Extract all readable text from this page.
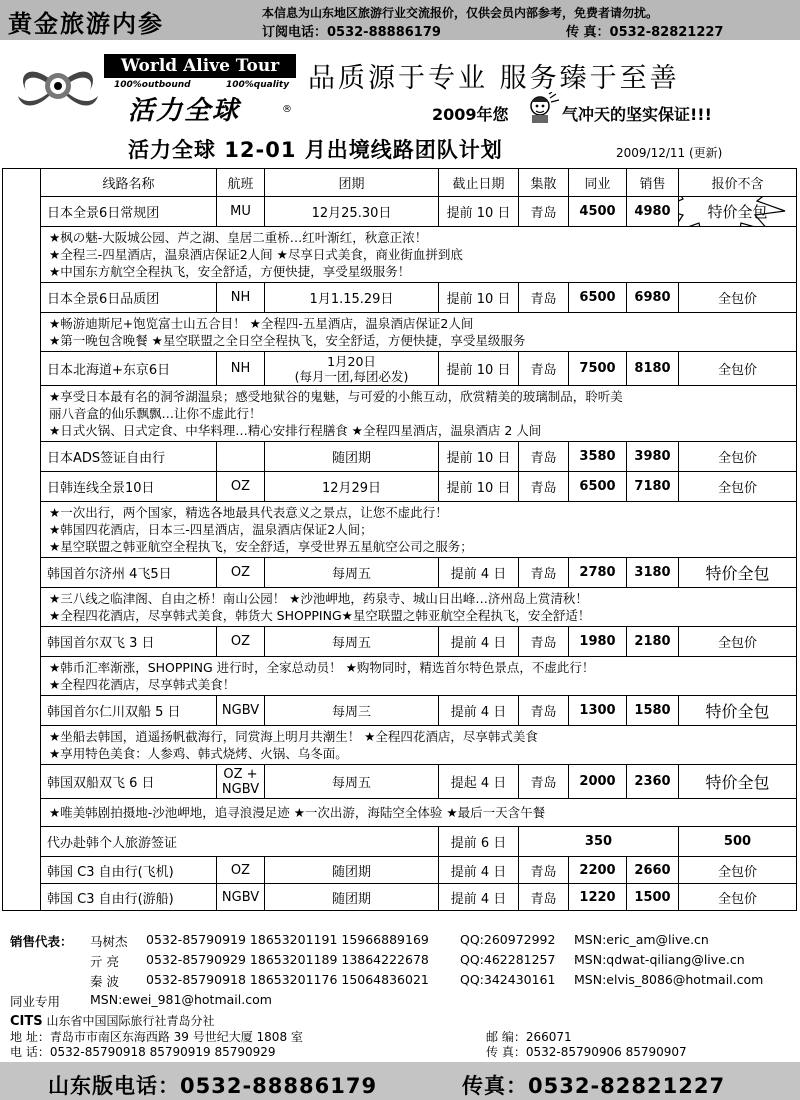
黄金旅游内参	本信息为山东地区旅游行业交流报价，仅供会员内部参考，免费者请勿扰。
订阅电话：0532-88886179	传 真：0532-82821227
World Alive Tour
100%outbound	100%quality
活力全球	®
品质源于专业 服务臻于至善
2009年您	气冲天的坚实保证!!!
活力全球 12-01 月出境线路团队计划	2009/12/11 (更新)
	线路名称	航班	团期	截止日期	集散	同业	销售	报价不含
	日本全景6日常规团	MU	12月25.30日	提前 10 日	青岛	4500	4980	特价全包

	★枫の魅-大阪城公园、芦之湖、皇居二重桥…红叶渐红，秋意正浓！
★全程三-四星酒店，温泉酒店保证2人间 ★尽享日式美食，商业街血拼到底
★中国东方航空全程执飞，安全舒适，方便快捷，享受星级服务！							

	日本全景6日品质团	NH	1月1.15.29日	提前 10 日	青岛	6500	6980	全包价

	★畅游迪斯尼+饱览富士山五合目！ ★全程四-五星酒店，温泉酒店保证2人间
★第一晚包含晚餐 ★星空联盟之全日空全程执飞，安全舒适，方便快捷，享受星级服务							

	日本北海道+东京6日	NH	1月20日
(每月一团,每团必发)	提前 10 日	青岛	7500	8180	全包价

	★享受日本最有名的洞爷湖温泉；感受地狱谷的鬼魅，与可爱的小熊互动，欣赏精美的玻璃制品，聆听美
丽八音盒的仙乐飘飘…让你不虚此行！
★日式火锅、日式定食、中华料理…精心安排行程膳食 ★全程四星酒店，温泉酒店 2 人间							

	日本ADS签证自由行		随团期	提前 10 日	青岛	3580	3980	全包价
	日韩连线全景10日	OZ	12月29日	提前 10 日	青岛	6500	7180	全包价

	★一次出行，两个国家，精选各地最具代表意义之景点，让您不虚此行！
★韩国四花酒店，日本三-四星酒店，温泉酒店保证2人间；
★星空联盟之韩亚航空全程执飞，安全舒适，享受世界五星航空公司之服务；							

	韩国首尔济州 4飞5日	OZ	每周五	提前 4 日	青岛	2780	3180	特价全包

	★三八线之临津阁、自由之桥！南山公园！ ★沙池岬地，药泉寺、城山日出峰…济州岛上赏清秋！
★全程四花酒店，尽享韩式美食，韩货大 SHOPPING★星空联盟之韩亚航空全程执飞，安全舒适！							

	韩国首尔双飞 3 日	OZ	每周五	提前 4 日	青岛	1980	2180	全包价

	★韩币汇率渐涨，SHOPPING 进行时，全家总动员！ ★购物同时，精选首尔特色景点，不虚此行！
★全程四花酒店，尽享韩式美食！							

	韩国首尔仁川双船 5 日	NGBV	每周三	提前 4 日	青岛	1300	1580	特价全包

	★坐船去韩国，逍遥扬帆截海行，同赏海上明月共潮生！ ★全程四花酒店，尽享韩式美食
★享用特色美食：人参鸡、韩式烧烤、火锅、乌冬面。							

	韩国双船双飞 6 日	OZ +
NGBV	每周五	提起 4 日	青岛	2000	2360	特价全包

	★唯美韩剧拍摄地-沙池岬地，追寻浪漫足迹 ★一次出游，海陆空全体验 ★最后一天含午餐							

	代办赴韩个人旅游签证			提前 6 日	350			500
	韩国 C3 自由行(飞机)	OZ	随团期	提前 4 日	青岛	2200	2660	全包价
	韩国 C3 自由行(游船)	NGBV	随团期	提前 4 日	青岛	1220	1500	全包价
销售代表： 马树杰 0532-85790919 18653201191 15966889169 QQ:260972992 MSN:eric_am@live.cn
亓 亮 0532-85790929 18653201189 13864222678 QQ:462281257 MSN:qdwat-qiliang@live.cn
秦 波 0532-85790918 18653201176 15064836021 QQ:342430161 MSN:elvis_8086@hotmail.com
同业专用 MSN:ewei_981@hotmail.com
CITS 山东省中国国际旅行社青岛分社
地 址：青岛市市南区东海西路 39 号世纪大厦 1808 室	邮 编：266071
电 话：0532-85790918 85790919 85790929	传 真：0532-85790906 85790907
山东版电话：0532-88886179	传真：0532-82821227
